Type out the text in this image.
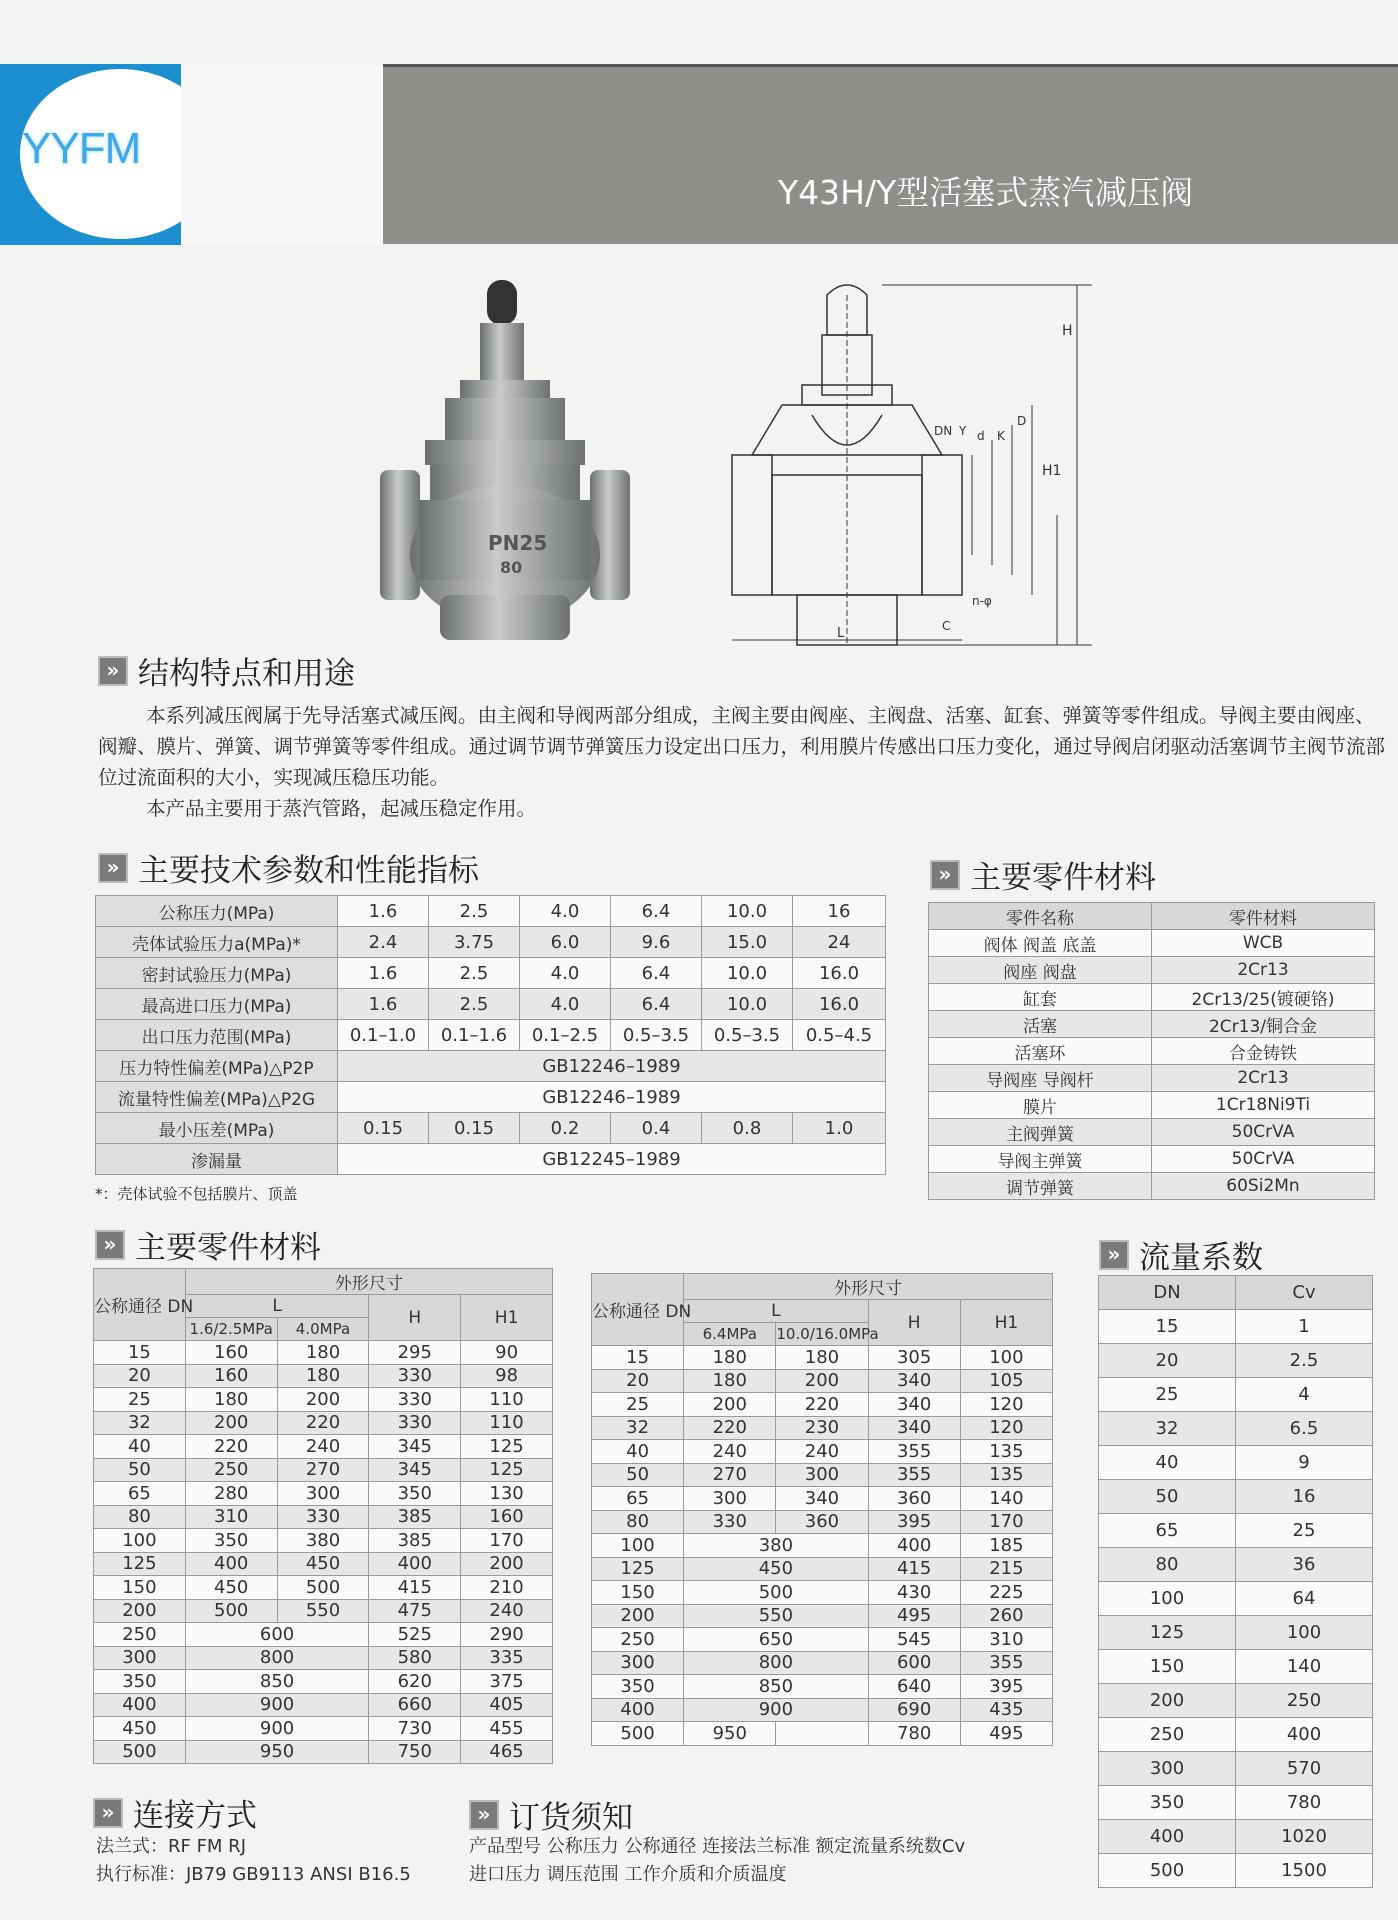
YYFM
Y43H/Y型活塞式蒸汽减压阀
PN25
80
H
H1
D
K
d
Y
DN
L	C
n-φ
» 结构特点和用途

本系列减压阀属于先导活塞式减压阀。由主阀和导阀两部分组成，主阀主要由阀座、主阀盘、活塞、缸套、弹簧等零件组成。导阀主要由阀座、阀瓣、膜片、弹簧、调节弹簧等零件组成。通过调节调节弹簧压力设定出口压力，利用膜片传感出口压力变化，通过导阀启闭驱动活塞调节主阀节流部位过流面积的大小，实现减压稳压功能。

本产品主要用于蒸汽管路，起减压稳定作用。

» 主要技术参数和性能指标
公称压力(MPa)	1.6	2.5	4.0	6.4	10.0	16
壳体试验压力a(MPa)*	2.4	3.75	6.0	9.6	15.0	24
密封试验压力(MPa)	1.6	2.5	4.0	6.4	10.0	16.0
最高进口压力(MPa)	1.6	2.5	4.0	6.4	10.0	16.0
出口压力范围(MPa)	0.1–1.0	0.1–1.6	0.1–2.5	0.5–3.5	0.5–3.5	0.5–4.5
压力特性偏差(MPa)△P2P	GB12246–1989					
流量特性偏差(MPa)△P2G	GB12246–1989					
最小压差(MPa)	0.15	0.15	0.2	0.4	0.8	1.0
渗漏量	GB12245–1989					
*：壳体试验不包括膜片、顶盖
» 主要零件材料
零件名称	零件材料
阀体 阀盖 底盖	WCB
阀座 阀盘	2Cr13
缸套	2Cr13/25(镀硬铬)
活塞	2Cr13/铜合金
活塞环	合金铸铁
导阀座 导阀杆	2Cr13
膜片	1Cr18Ni9Ti
主阀弹簧	50CrVA
导阀主弹簧	50CrVA
调节弹簧	60Si2Mn
» 主要零件材料
公称通径 DN	外形尺寸			
	L		H	H1
	1.6/2.5MPa	4.0MPa		
15	160	180	295	90
20	160	180	330	98
25	180	200	330	110
32	200	220	330	110
40	220	240	345	125
50	250	270	345	125
65	280	300	350	130
80	310	330	385	160
100	350	380	385	170
125	400	450	400	200
150	450	500	415	210
200	500	550	475	240
250	600		525	290
300	800		580	335
350	850		620	375
400	900		660	405
450	900		730	455
500	950		750	465
公称通径 DN	外形尺寸			
	L		H	H1
	6.4MPa	10.0/16.0MPa		
15	180	180	305	100
20	180	200	340	105
25	200	220	340	120
32	220	230	340	120
40	240	240	355	135
50	270	300	355	135
65	300	340	360	140
80	330	360	395	170
100	380		400	185
125	450		415	215
150	500		430	225
200	550		495	260
250	650		545	310
300	800		600	355
350	850		640	395
400	900		690	435
500	950		780	495
» 流量系数
DN	Cv
15	1
20	2.5
25	4
32	6.5
40	9
50	16
65	25
80	36
100	64
125	100
150	140
200	250
250	400
300	570
350	780
400	1020
500	1500
» 连接方式
法兰式：RF FM RJ
执行标准：JB79 GB9113 ANSI B16.5
» 订货须知
产品型号 公称压力 公称通径 连接法兰标准 额定流量系统数Cv
进口压力 调压范围 工作介质和介质温度
